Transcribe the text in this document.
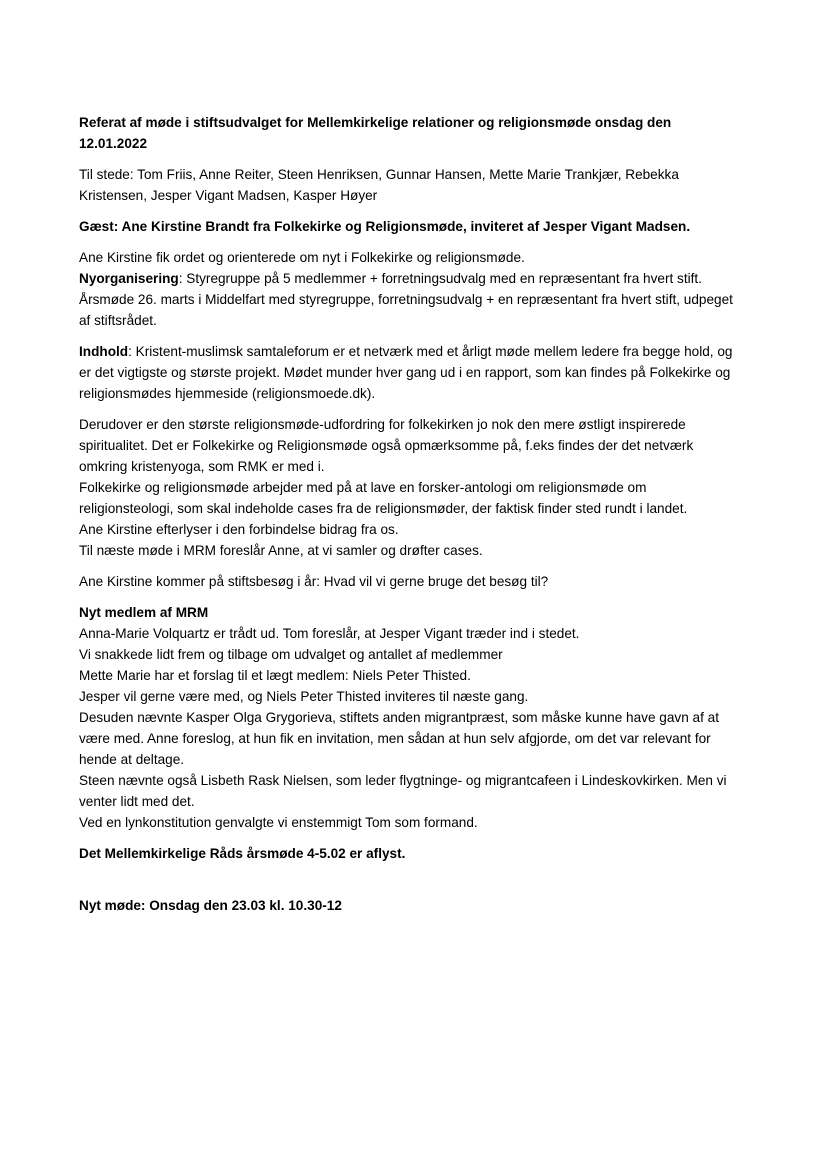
Referat af møde i stiftsudvalget for Mellemkirkelige relationer og religionsmøde onsdag den 12.01.2022

Til stede: Tom Friis, Anne Reiter, Steen Henriksen, Gunnar Hansen, Mette Marie Trankjær, Rebekka Kristensen, Jesper Vigant Madsen, Kasper Høyer

Gæst: Ane Kirstine Brandt fra Folkekirke og Religionsmøde, inviteret af Jesper Vigant Madsen.

Ane Kirstine fik ordet og orienterede om nyt i Folkekirke og religionsmøde.

Nyorganisering: Styregruppe på 5 medlemmer + forretningsudvalg med en repræsentant fra hvert stift. Årsmøde 26. marts i Middelfart med styregruppe, forretningsudvalg + en repræsentant fra hvert stift, udpeget af stiftsrådet.

Indhold: Kristent-muslimsk samtaleforum er et netværk med et årligt møde mellem ledere fra begge hold, og er det vigtigste og største projekt. Mødet munder hver gang ud i en rapport, som kan findes på Folkekirke og religionsmødes hjemmeside (religionsmoede.dk).

Derudover er den største religionsmøde-udfordring for folkekirken jo nok den mere østligt inspirerede spiritualitet. Det er Folkekirke og Religionsmøde også opmærksomme på, f.eks findes der det netværk omkring kristenyoga, som RMK er med i.

Folkekirke og religionsmøde arbejder med på at lave en forsker-antologi om religionsmøde om religionsteologi, som skal indeholde cases fra de religionsmøder, der faktisk finder sted rundt i landet.

Ane Kirstine efterlyser i den forbindelse bidrag fra os.

Til næste møde i MRM foreslår Anne, at vi samler og drøfter cases.

Ane Kirstine kommer på stiftsbesøg i år: Hvad vil vi gerne bruge det besøg til?

Nyt medlem af MRM

Anna-Marie Volquartz er trådt ud. Tom foreslår, at Jesper Vigant træder ind i stedet.

Vi snakkede lidt frem og tilbage om udvalget og antallet af medlemmer

Mette Marie har et forslag til et lægt medlem: Niels Peter Thisted.

Jesper vil gerne være med, og Niels Peter Thisted inviteres til næste gang.

Desuden nævnte Kasper Olga Grygorieva, stiftets anden migrantpræst, som måske kunne have gavn af at være med. Anne foreslog, at hun fik en invitation, men sådan at hun selv afgjorde, om det var relevant for hende at deltage.

Steen nævnte også Lisbeth Rask Nielsen, som leder flygtninge- og migrantcafeen i Lindeskovkirken. Men vi venter lidt med det.

Ved en lynkonstitution genvalgte vi enstemmigt Tom som formand.

Det Mellemkirkelige Råds årsmøde 4-5.02 er aflyst.

Nyt møde: Onsdag den 23.03 kl. 10.30-12
